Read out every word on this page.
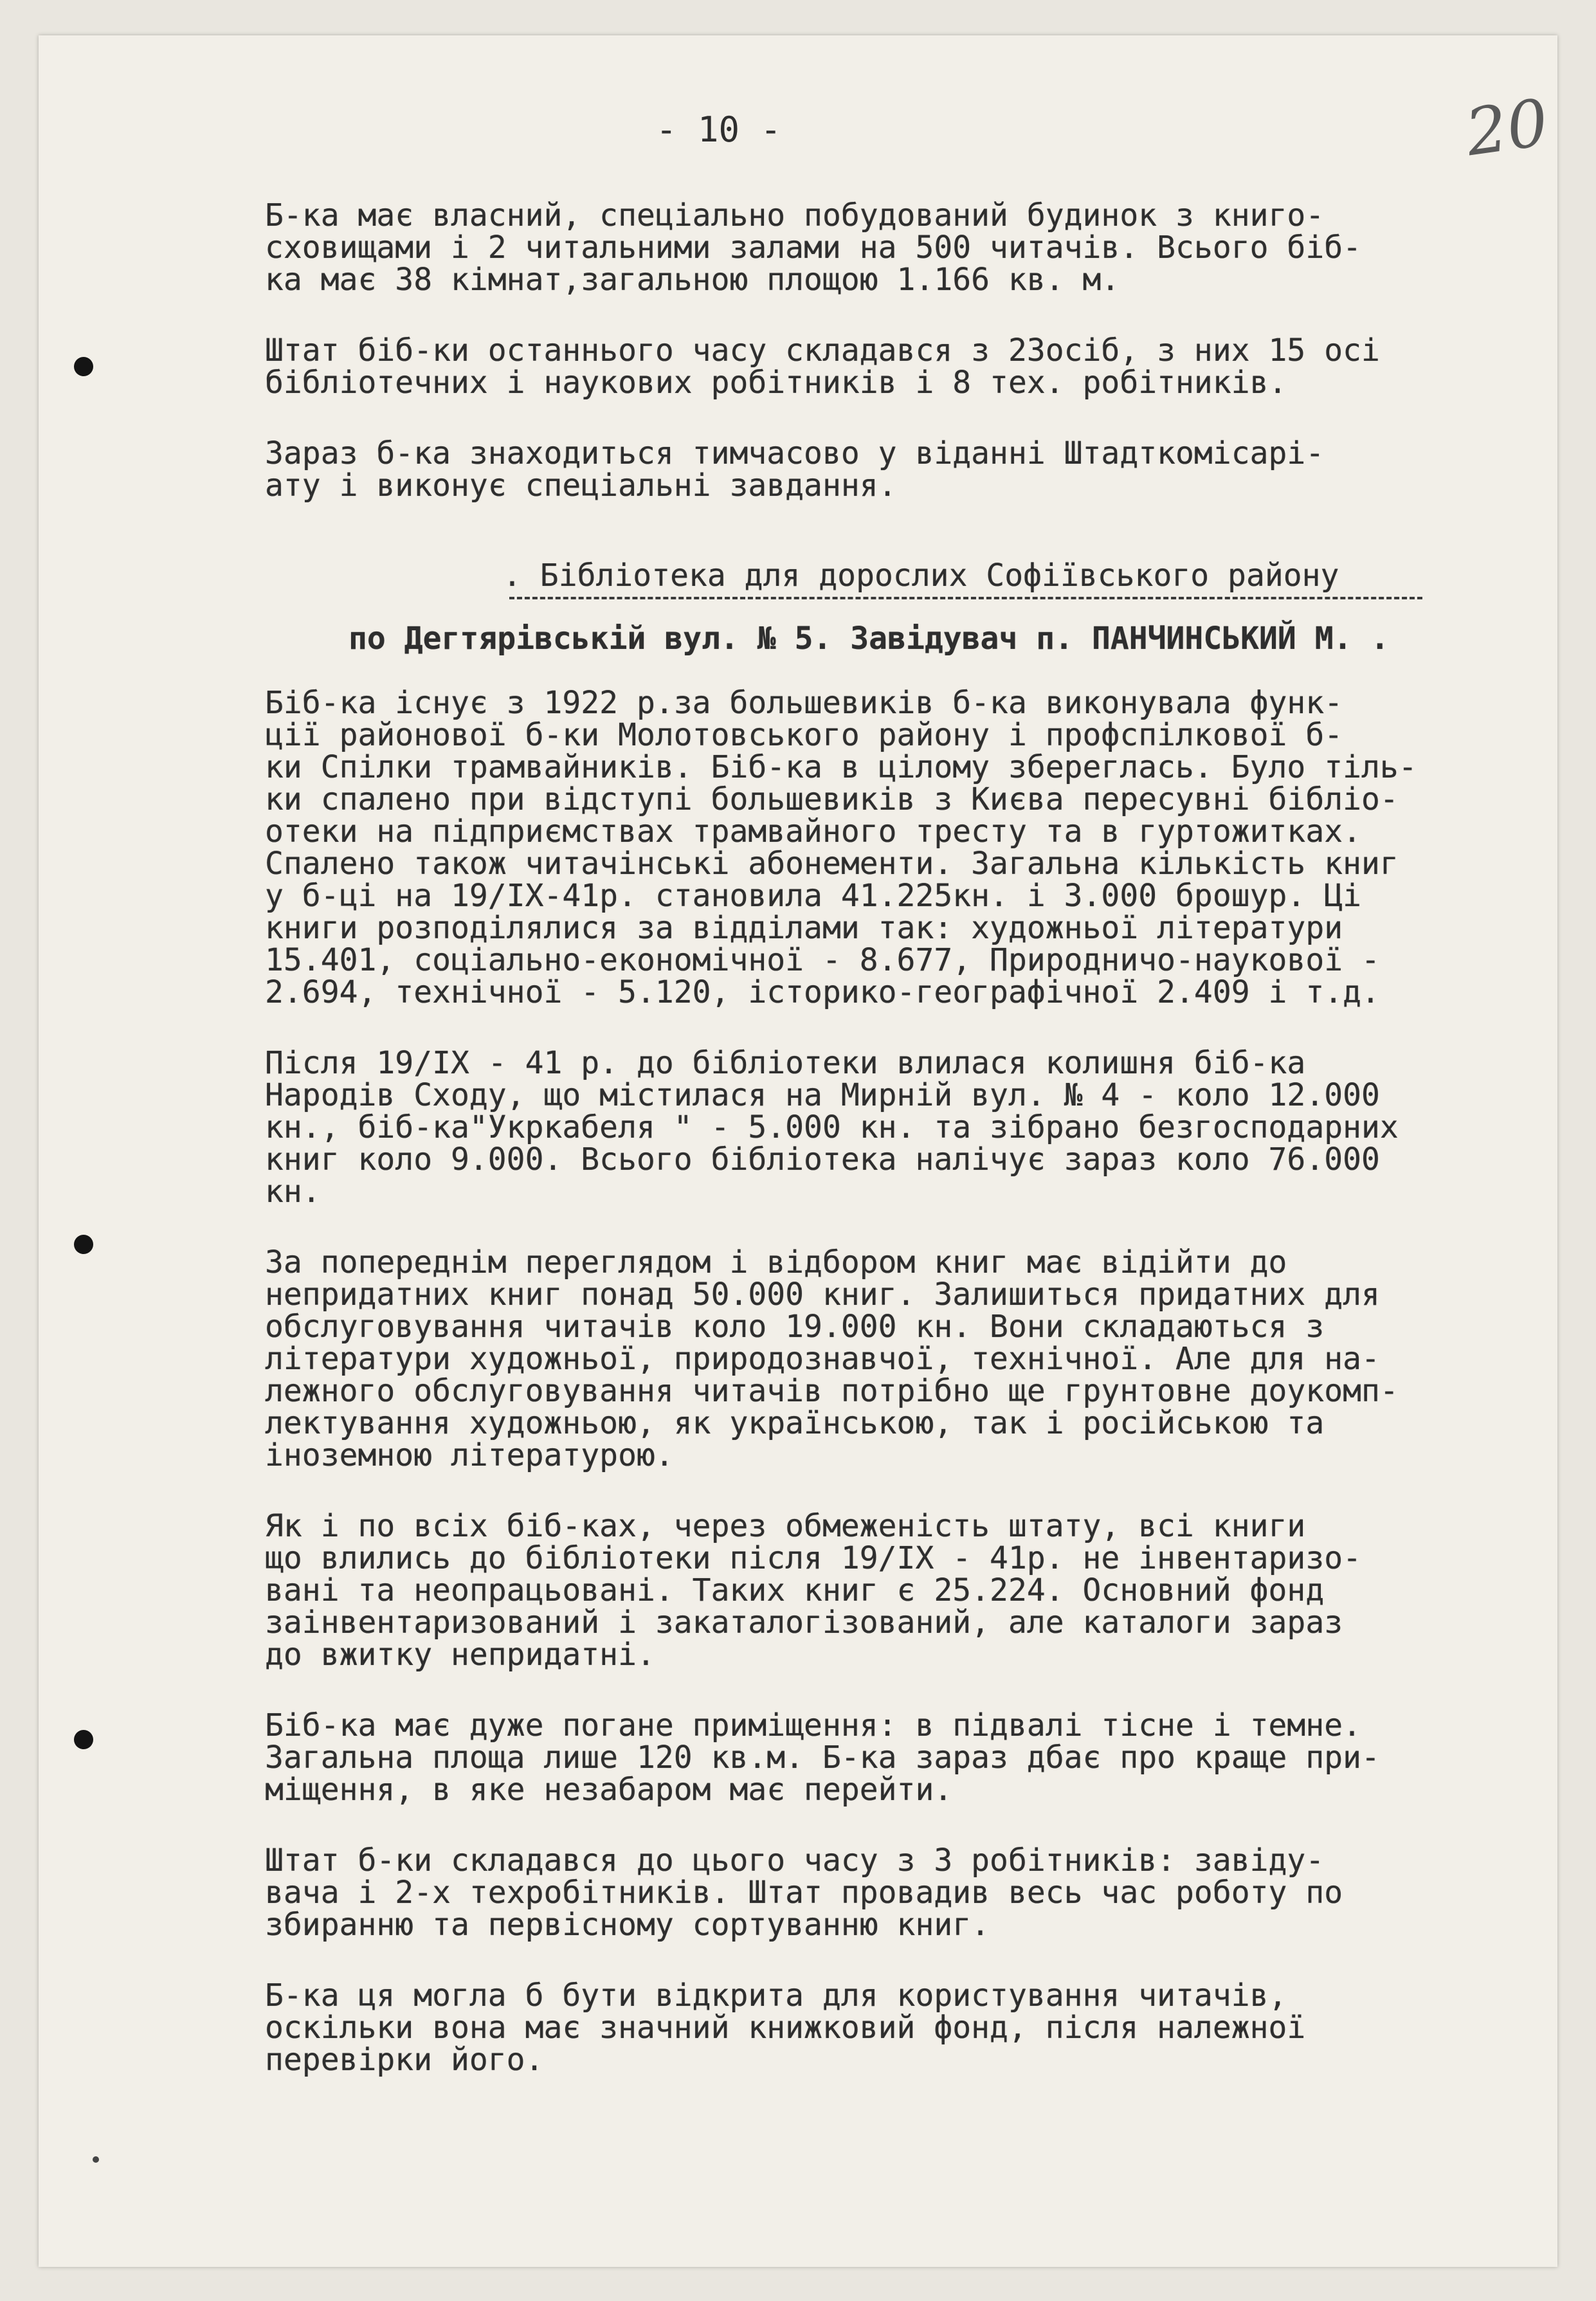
20
- 10 -

Б-ка має власний, спеціально побудований будинок з книго-
сховищами і 2 читальними залами на 500 читачів. Всього біб-
ка має 38 кімнат,загальною площою 1.166 кв. м.

Штат біб-ки останнього часу складався з 23осіб, з них 15 осі
бібліотечних і наукових робітників і 8 тех. робітників.

Зараз б-ка знаходиться тимчасово у віданні Штадткомісарі-
ату і виконує спеціальні завдання.

. Бібліотека для дорослих Софіївського району

по Дегтярівській вул. № 5. Завідувач п. ПАНЧИНСЬКИЙ М. .

Біб-ка існує з 1922 р.за большевиків б-ка виконувала функ-
ції районової б-ки Молотовського району і профспілкової б-
ки Спілки трамвайників. Біб-ка в цілому збереглась. Було тіль-
ки спалено при відступі большевиків з Києва пересувні бібліо-
отеки на підприємствах трамвайного тресту та в гуртожитках.
Спалено також читачінські абонементи. Загальна кількість книг
у б-ці на 19/IX-41р. становила 41.225кн. і 3.000 брошур. Ці
книги розподілялися за відділами так: художньої літератури
15.401, соціально-економічної - 8.677, Природничо-наукової -
2.694, технічної - 5.120, історико-географічної 2.409 і т.д.

Після 19/IX - 41 р. до бібліотеки влилася колишня біб-ка
Народів Сходу, що містилася на Мирній вул. № 4 - коло 12.000
кн., біб-ка"Укркабеля " - 5.000 кн. та зібрано безгосподарних
книг коло 9.000. Всього бібліотека налічує зараз коло 76.000
кн.

За попереднім переглядом і відбором книг має відійти до
непридатних книг понад 50.000 книг. Залишиться придатних для
обслуговування читачів коло 19.000 кн. Вони складаються з
літератури художньої, природознавчої, технічної. Але для на-
лежного обслуговування читачів потрібно ще грунтовне доукомп-
лектування художньою, як українською, так і російською та
іноземною літературою.

Як і по всіх біб-ках, через обмеженість штату, всі книги
що влились до бібліотеки після 19/IX - 41р. не інвентаризо-
вані та неопрацьовані. Таких книг є 25.224. Основний фонд
заінвентаризований і закаталогізований, але каталоги зараз
до вжитку непридатні.

Біб-ка має дуже погане приміщення: в підвалі тісне і темне.
Загальна площа лише 120 кв.м. Б-ка зараз дбає про краще при-
міщення, в яке незабаром має перейти.

Штат б-ки складався до цього часу з 3 робітників: завіду-
вача і 2-х техробітників. Штат провадив весь час роботу по
збиранню та первісному сортуванню книг.

Б-ка ця могла б бути відкрита для користування читачів,
оскільки вона має значний книжковий фонд, після належної
перевірки його.
